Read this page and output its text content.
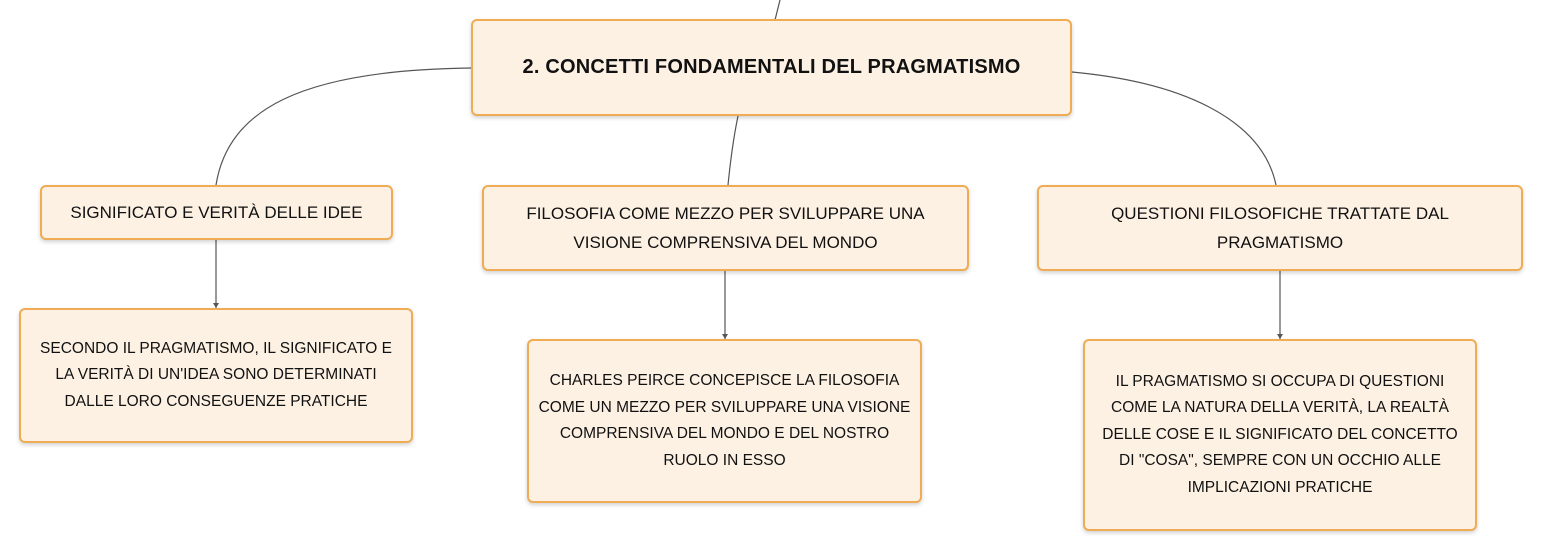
2. CONCETTI FONDAMENTALI DEL PRAGMATISMO
SIGNIFICATO E VERITÀ DELLE IDEE	FILOSOFIA COME MEZZO PER SVILUPPARE UNA VISIONE COMPRENSIVA DEL MONDO
QUESTIONI FILOSOFICHE TRATTATE DAL PRAGMATISMO
SECONDO IL PRAGMATISMO, IL SIGNIFICATO E LA VERITÀ DI UN'IDEA SONO DETERMINATI DALLE LORO CONSEGUENZE PRATICHE
CHARLES PEIRCE CONCEPISCE LA FILOSOFIA COME UN MEZZO PER SVILUPPARE UNA VISIONE COMPRENSIVA DEL MONDO E DEL NOSTRO RUOLO IN ESSO
IL PRAGMATISMO SI OCCUPA DI QUESTIONI COME LA NATURA DELLA VERITÀ, LA REALTÀ DELLE COSE E IL SIGNIFICATO DEL CONCETTO DI "COSA", SEMPRE CON UN OCCHIO ALLE IMPLICAZIONI PRATICHE
